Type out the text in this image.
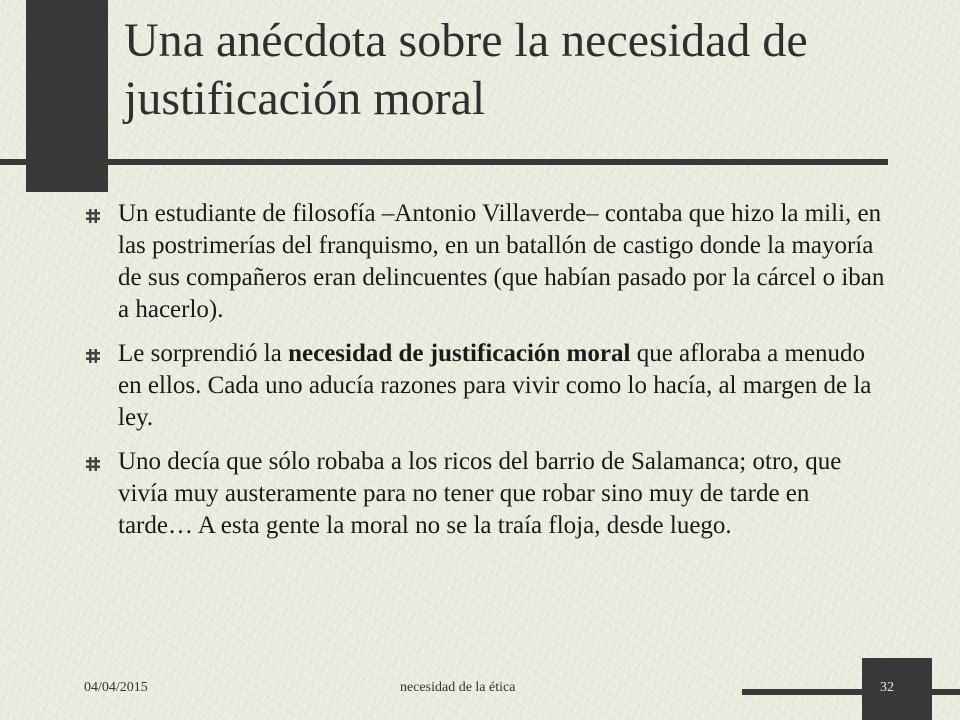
Una anécdota sobre la necesidad de justificación moral
Un estudiante de filosofía –Antonio Villaverde– contaba que hizo la mili, en las postrimerías del franquismo, en un batallón de castigo donde la mayoría de sus compañeros eran delincuentes (que habían pasado por la cárcel o iban a hacerlo).
Le sorprendió la necesidad de justificación moral que afloraba a menudo en ellos. Cada uno aducía razones para vivir como lo hacía, al margen de la ley.
Uno decía que sólo robaba a los ricos del barrio de Salamanca; otro, que vivía muy austeramente para no tener que robar sino muy de tarde en tarde… A esta gente la moral no se la traía floja, desde luego.
04/04/2015	necesidad de la ética	32
